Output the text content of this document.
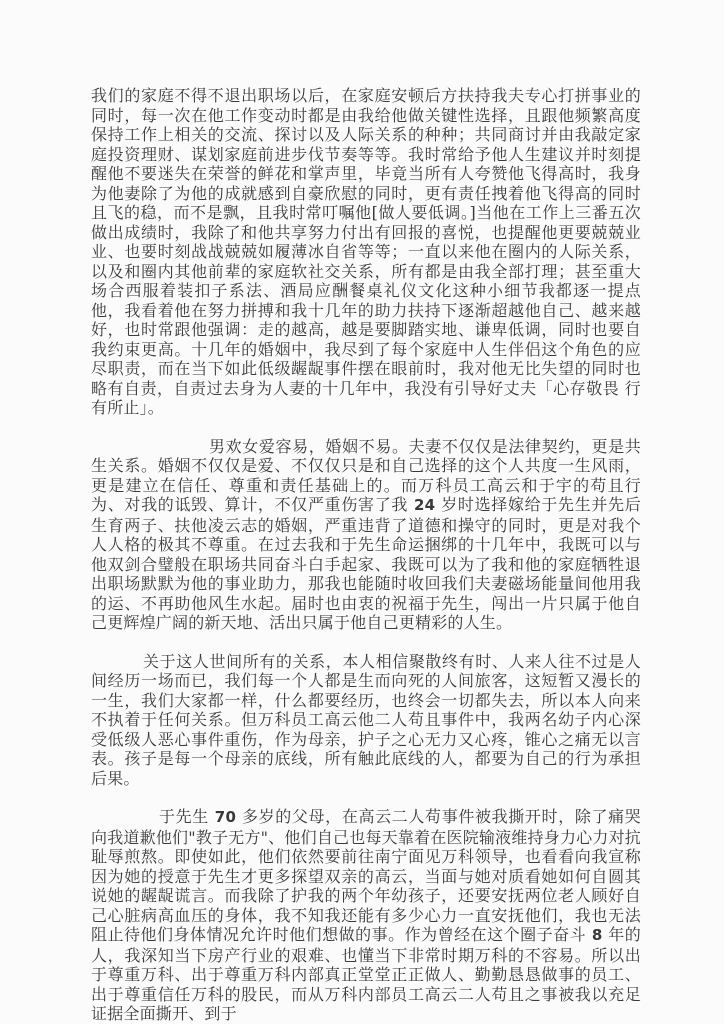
我们的家庭不得不退出职场以后，在家庭安顿后方扶持我夫专心打拼事业的同时，每一次在他工作变动时都是由我给他做关键性选择，且跟他频繁高度保持工作上相关的交流、探讨以及人际关系的种种；共同商讨并由我敲定家庭投资理财、谋划家庭前进步伐节奏等等。我时常给予他人生建议并时刻提醒他不要迷失在荣誉的鲜花和掌声里，毕竟当所有人夸赞他飞得高时，我身为他妻除了为他的成就感到自豪欣慰的同时，更有责任拽着他飞得高的同时且飞的稳，而不是飘，且我时常叮嘱他[做人要低调。]当他在工作上三番五次做出成绩时，我除了和他共享努力付出有回报的喜悦，也提醒他更要兢兢业业、也要时刻战战兢兢如履薄冰自省等等；一直以来他在圈内的人际关系，以及和圈内其他前辈的家庭软社交关系，所有都是由我全部打理；甚至重大场合西服着装扣子系法、酒局应酬餐桌礼仪文化这种小细节我都逐一提点他，我看着他在努力拼搏和我十几年的助力扶持下逐渐超越他自己、越来越好，也时常跟他强调：走的越高，越是要脚踏实地、谦卑低调，同时也要自我约束更高。十几年的婚姻中，我尽到了每个家庭中人生伴侣这个角色的应尽职责，而在当下如此低级龌龊事件摆在眼前时，我对他无比失望的同时也略有自责，自责过去身为人妻的十几年中，我没有引导好丈夫「心存敬畏 行有所止」。

男欢女爱容易，婚姻不易。夫妻不仅仅是法律契约，更是共生关系。婚姻不仅仅是爱、不仅仅只是和自己选择的这个人共度一生风雨，更是建立在信任、尊重和责任基础上的。而万科员工高云和于宇的苟且行为、对我的诋毁、算计，不仅严重伤害了我 24 岁时选择嫁给于先生并先后生育两子、扶他凌云志的婚姻，严重违背了道德和操守的同时，更是对我个人人格的极其不尊重。在过去我和于先生命运捆绑的十几年中，我既可以与他双剑合璧般在职场共同奋斗白手起家、我既可以为了我和他的家庭牺牲退出职场默默为他的事业助力，那我也能随时收回我们夫妻磁场能量间他用我的运、不再助他风生水起。届时也由衷的祝福于先生，闯出一片只属于他自己更辉煌广阔的新天地、活出只属于他自己更精彩的人生。

关于这人世间所有的关系，本人相信聚散终有时、人来人往不过是人间经历一场而已，我们每一个人都是生而向死的人间旅客，这短暂又漫长的一生，我们大家都一样，什么都要经历，也终会一切都失去，所以本人向来不执着于任何关系。但万科员工高云他二人苟且事件中，我两名幼子内心深受低级人恶心事件重伤，作为母亲，护子之心无力又心疼，锥心之痛无以言表。孩子是每一个母亲的底线，所有触此底线的人，都要为自己的行为承担后果。

于先生 70 多岁的父母，在高云二人苟事件被我撕开时，除了痛哭向我道歉他们"教子无方"、他们自己也每天靠着在医院输液维持身力心力对抗耻辱煎熬。即使如此，他们依然要前往南宁面见万科领导，也看看向我宣称因为她的授意于先生才更多探望双亲的高云，当面与她对质看她如何自圆其说她的龌龊谎言。而我除了护我的两个年幼孩子，还要安抚两位老人顾好自己心脏病高血压的身体，我不知我还能有多少心力一直安抚他们，我也无法阻止待他们身体情况允许时他们想做的事。作为曾经在这个圈子奋斗 8 年的人，我深知当下房产行业的艰难、也懂当下非常时期万科的不容易。所以出于尊重万科、出于尊重万科内部真正堂堂正正做人、勤勤恳恳做事的员工、出于尊重信任万科的股民，而从万科内部员工高云二人苟且之事被我以充足证据全面撕开、到于
